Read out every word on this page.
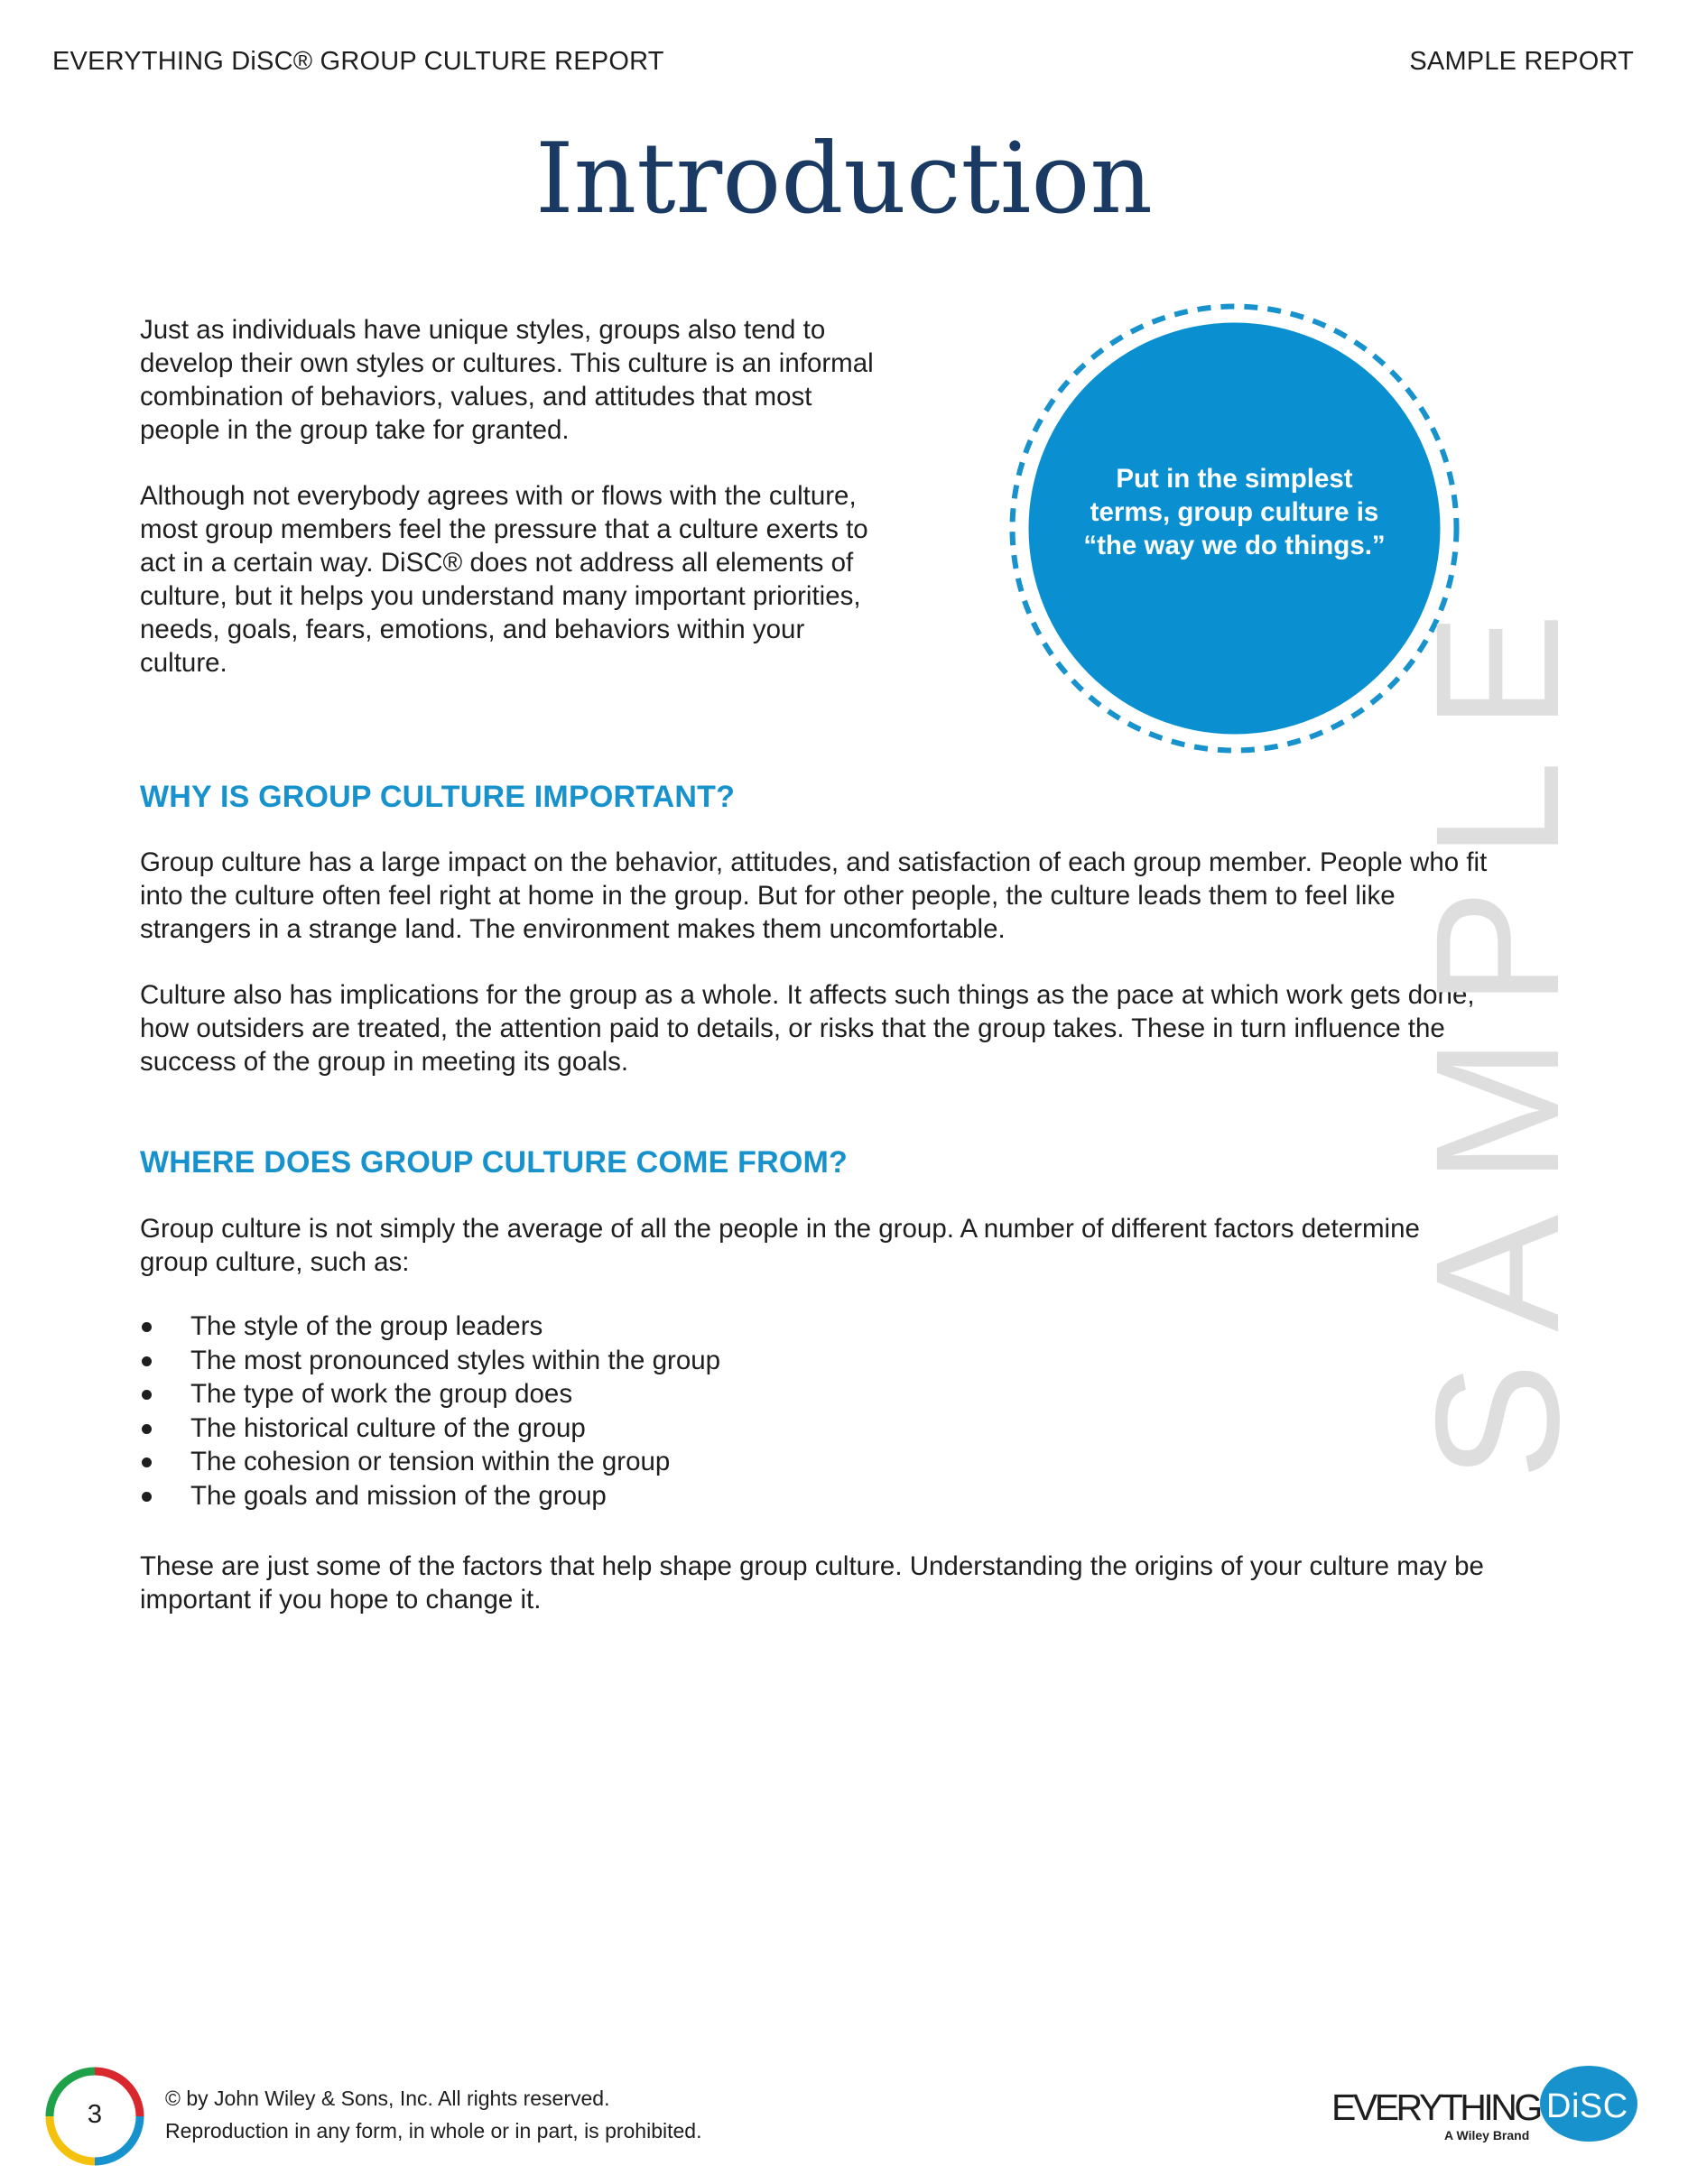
EVERYTHING DiSC® GROUP CULTURE REPORT	SAMPLE REPORT
Introduction

Just as individuals have unique styles, groups also tend to
develop their own styles or cultures. This culture is an informal
combination of behaviors, values, and attitudes that most
people in the group take for granted.

Although not everybody agrees with or flows with the culture,
most group members feel the pressure that a culture exerts to
act in a certain way. DiSC® does not address all elements of
culture, but it helps you understand many important priorities,
needs, goals, fears, emotions, and behaviors within your
culture.

Put in the simplest
terms, group culture is
“the way we do things.”
WHY IS GROUP CULTURE IMPORTANT?

Group culture has a large impact on the behavior, attitudes, and satisfaction of each group member. People who fit
into the culture often feel right at home in the group. But for other people, the culture leads them to feel like
strangers in a strange land. The environment makes them uncomfortable.

Culture also has implications for the group as a whole. It affects such things as the pace at which work gets done,
how outsiders are treated, the attention paid to details, or risks that the group takes. These in turn influence the
success of the group in meeting its goals.

WHERE DOES GROUP CULTURE COME FROM?

Group culture is not simply the average of all the people in the group. A number of different factors determine
group culture, such as:

The style of the group leaders
The most pronounced styles within the group
The type of work the group does
The historical culture of the group
The cohesion or tension within the group
The goals and mission of the group

These are just some of the factors that help shape group culture. Understanding the origins of your culture may be
important if you hope to change it.

SAMPLE
3
© by John Wiley & Sons, Inc. All rights reserved.
Reproduction in any form, in whole or in part, is prohibited.
EVERYTHING
A Wiley Brand
DiSC
